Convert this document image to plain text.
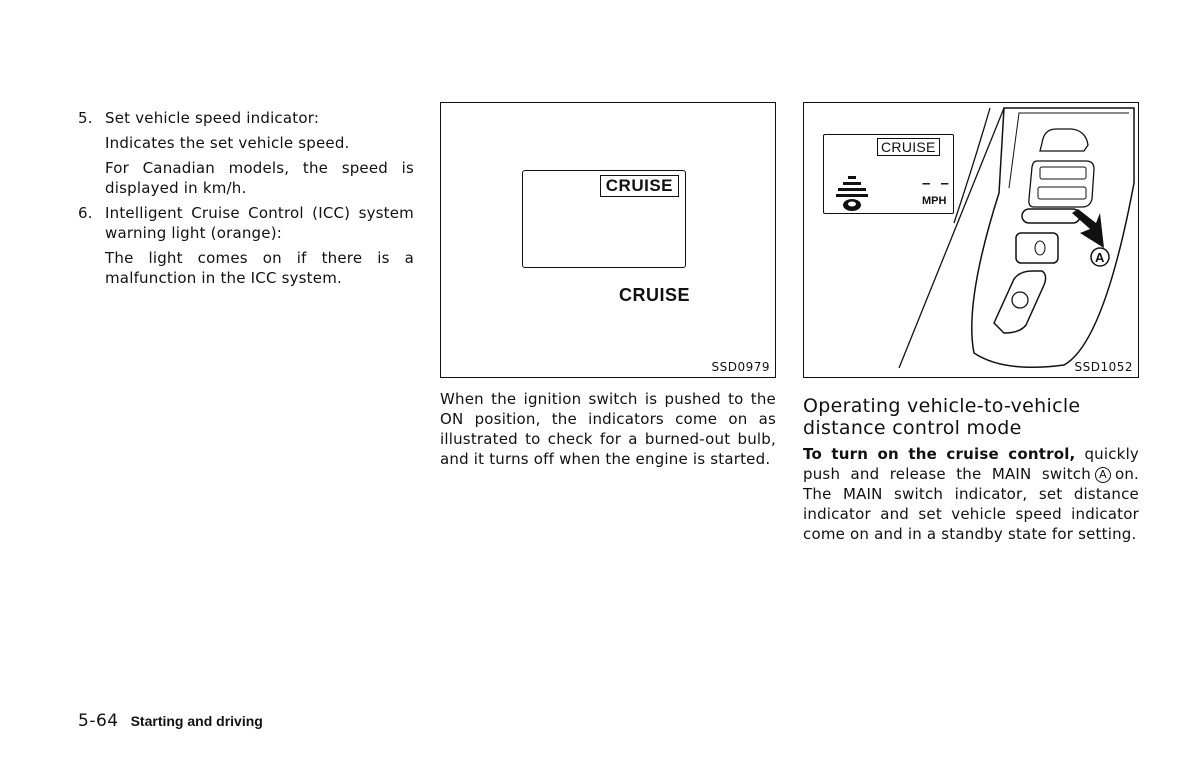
5. Set vehicle speed indicator:

Indicates the set vehicle speed.

For Canadian models, the speed is displayed in km/h.

6. Intelligent Cruise Control (ICC) system warning light (orange):

The light comes on if there is a malfunction in the ICC system.

CRUISE
CRUISE
SSD0979
When the ignition switch is pushed to the ON position, the indicators come on as illustrated to check for a burned-out bulb, and it turns off when the engine is started.
CRUISE
– –
MPH
A
SSD1052
Operating vehicle-to-vehicle distance control mode
To turn on the cruise control, quickly push and release the MAIN switch A on. The MAIN switch indicator, set distance indicator and set vehicle speed indicator come on and in a standby state for setting.
5-64 Starting and driving
